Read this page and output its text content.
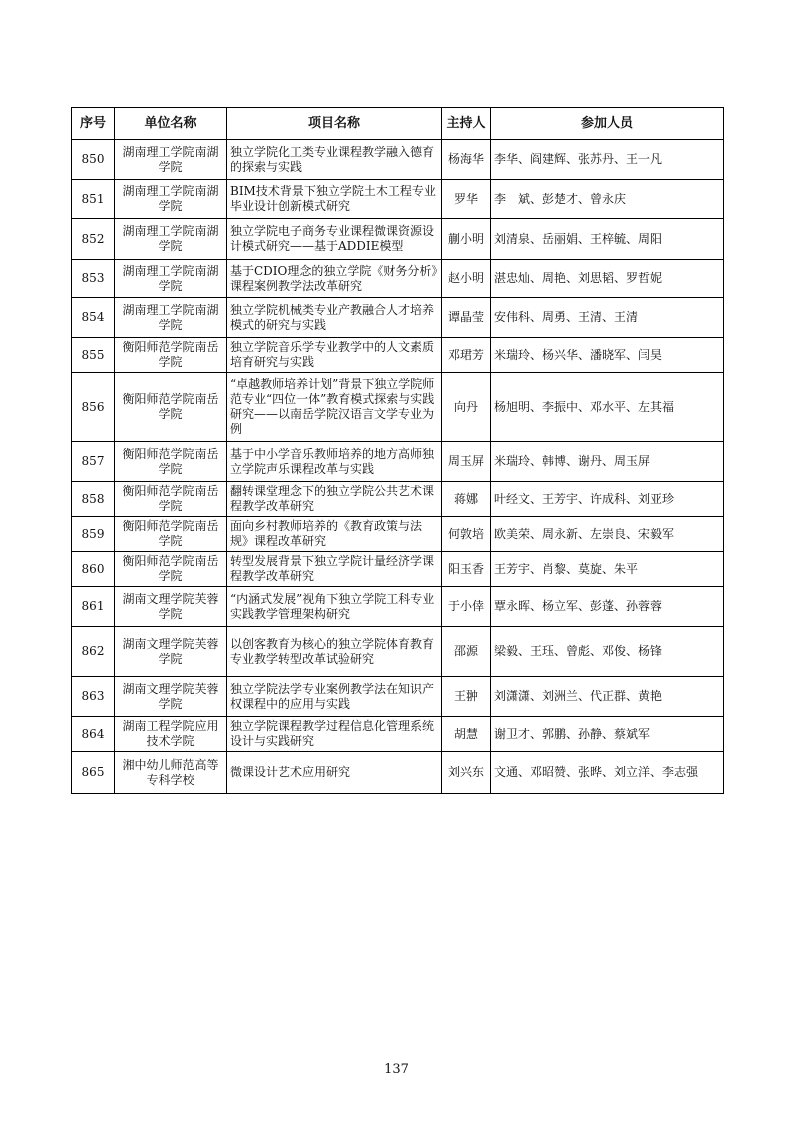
序号	单位名称	项目名称	主持人	参加人员
850	湖南理工学院南湖学院	独立学院化工类专业课程教学融入德育的探索与实践	杨海华	李华、阎建辉、张苏丹、王一凡
851	湖南理工学院南湖学院	BIM技术背景下独立学院土木工程专业毕业设计创新模式研究	罗华	李　斌、彭楚才、曾永庆
852	湖南理工学院南湖学院	独立学院电子商务专业课程微课资源设计模式研究——基于ADDIE模型	蒯小明	刘清泉、岳丽娟、王梓毓、周阳
853	湖南理工学院南湖学院	基于CDIO理念的独立学院《财务分析》课程案例教学法改革研究	赵小明	湛忠灿、周艳、刘思韬、罗哲妮
854	湖南理工学院南湖学院	独立学院机械类专业产教融合人才培养模式的研究与实践	谭晶莹	安伟科、周勇、王清、王清
855	衡阳师范学院南岳学院	独立学院音乐学专业教学中的人文素质培育研究与实践	邓珺芳	米瑞玲、杨兴华、潘晓军、闫昊
856	衡阳师范学院南岳学院	“卓越教师培养计划”背景下独立学院师范专业“四位一体”教育模式探索与实践研究——以南岳学院汉语言文学专业为例	向丹	杨旭明、李振中、邓水平、左其福
857	衡阳师范学院南岳学院	基于中小学音乐教师培养的地方高师独立学院声乐课程改革与实践	周玉屏	米瑞玲、韩博、谢丹、周玉屏
858	衡阳师范学院南岳学院	翻转课堂理念下的独立学院公共艺术课程教学改革研究	蒋娜	叶经文、王芳宇、许成科、刘亚珍
859	衡阳师范学院南岳学院	面向乡村教师培养的《教育政策与法规》课程改革研究	何敦培	欧美荣、周永新、左崇良、宋毅军
860	衡阳师范学院南岳学院	转型发展背景下独立学院计量经济学课程教学改革研究	阳玉香	王芳宇、肖黎、莫旋、朱平
861	湖南文理学院芙蓉学院	“内涵式发展”视角下独立学院工科专业实践教学管理架构研究	于小倖	覃永晖、杨立军、彭蓬、孙蓉蓉
862	湖南文理学院芙蓉学院	以创客教育为核心的独立学院体育教育专业教学转型改革试验研究	邵源	梁毅、王珏、曾彪、邓俊、杨锋
863	湖南文理学院芙蓉学院	独立学院法学专业案例教学法在知识产权课程中的应用与实践	王翀	刘潇潇、刘洲兰、代正群、黄艳
864	湖南工程学院应用技术学院	独立学院课程教学过程信息化管理系统设计与实践研究	胡慧	谢卫才、郭鹏、孙静、蔡斌军
865	湘中幼儿师范高等专科学校	微课设计艺术应用研究	刘兴东	文通、邓昭赞、张晔、刘立洋、李志强
137
